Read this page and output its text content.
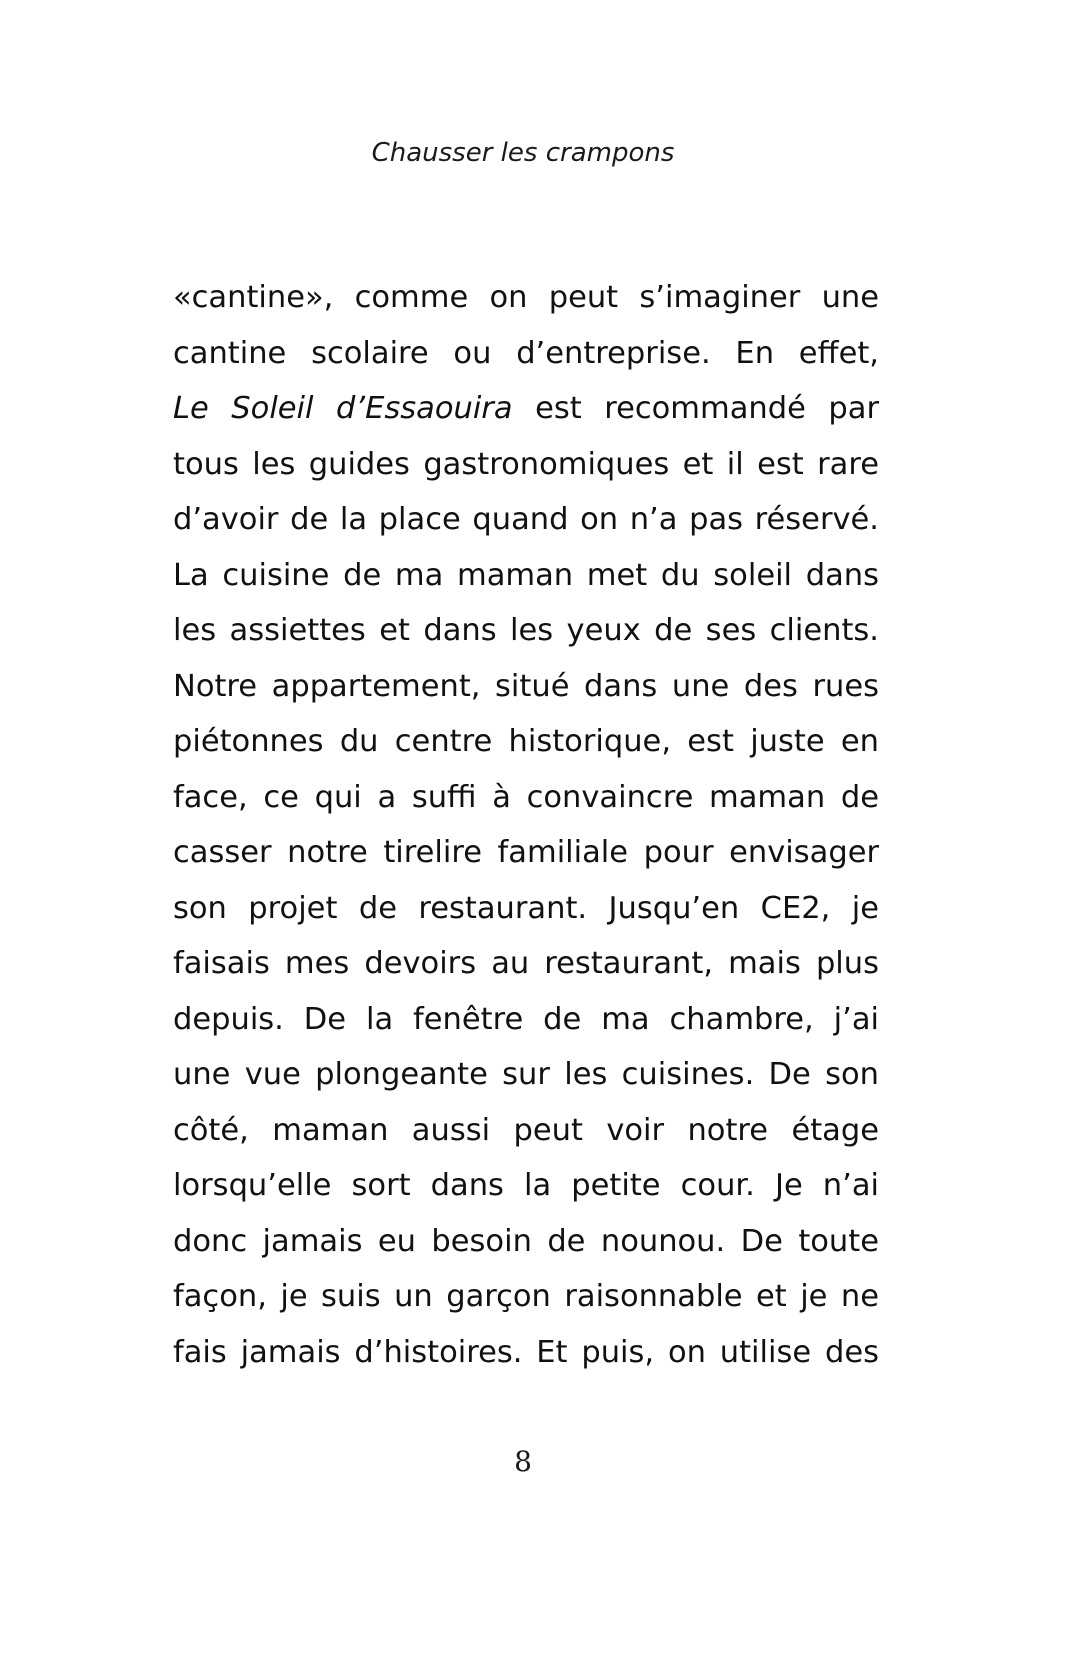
Chausser les crampons
«cantine», comme on peut s’imaginer une
cantine scolaire ou d’entreprise. En effet,
Le Soleil d’Essaouira est recommandé par
tous les guides gastronomiques et il est rare
d’avoir de la place quand on n’a pas réservé.
La cuisine de ma maman met du soleil dans
les assiettes et dans les yeux de ses clients.
Notre appartement, situé dans une des rues
piétonnes du centre historique, est juste en
face, ce qui a suffi à convaincre maman de
casser notre tirelire familiale pour envisager
son projet de restaurant. Jusqu’en CE2, je
faisais mes devoirs au restaurant, mais plus
depuis. De la fenêtre de ma chambre, j’ai
une vue plongeante sur les cuisines. De son
côté, maman aussi peut voir notre étage
lorsqu’elle sort dans la petite cour. Je n’ai
donc jamais eu besoin de nounou. De toute
façon, je suis un garçon raisonnable et je ne
fais jamais d’histoires. Et puis, on utilise des
8
